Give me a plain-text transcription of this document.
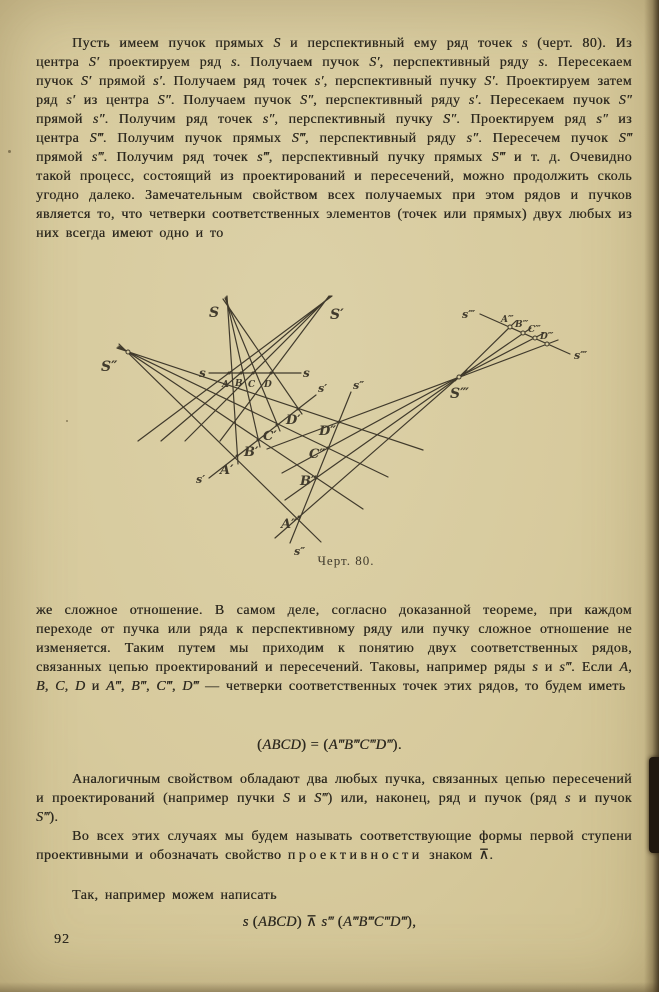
Пусть имеем пучок прямых S и перспективный ему ряд точек s (черт. 80). Из центра S′ проектируем ряд s. Получаем пучок S′, перспективный ряду s. Пересекаем пучок S′ прямой s′. Получаем ряд точек s′, перспективный пучку S′. Проектируем затем ряд s′ из центра S″. Получаем пучок S″, перспективный ряду s′. Пересекаем пучок S″ прямой s″. Получим ряд точек s″, перспективный пучку S″. Проектируем ряд s″ из центра S‴. Получим пучок прямых S‴, перспективный ряду s″. Пересечем пучок S‴ прямой s‴. Получим ряд точек s‴, перспективный пучку прямых S‴ и т. д. Очевидно такой процесс, состоящий из проектирований и пересечений, можно продолжить сколь угодно далеко. Замечательным свойством всех получаемых при этом рядов и пучков является то, что четверки соответственных элементов (точек или прямых) двух любых из них всегда имеют одно и то

S	S′
S″
S‴
s	s
A B C D
A′
B′
C′
D′
A″
B″
C″
D″
s′
s′ s″
s″
s‴
s‴
A‴ B‴ C‴
D‴
Черт. 80.

же сложное отношение. В самом деле, согласно доказанной теореме, при каждом переходе от пучка или ряда к перспективному ряду или пучку сложное отношение не изменяется. Таким путем мы приходим к понятию двух соответственных рядов, связанных цепью проектирований и пересечений. Таковы, например ряды s и s‴. Если A, B, C, D и A‴, B‴, C‴, D‴ — четверки соответственных точек этих рядов, то будем иметь

(ABCD) = (A‴B‴C‴D‴).

Аналогичным свойством обладают два любых пучка, связанных цепью пересечений и проектирований (например пучки S и S‴) или, наконец, ряд и пучок (ряд s и пучок S‴).

Во всех этих случаях мы будем называть соответствующие формы первой ступени проективными и обозначать свойство проективности знаком ⊼.

Так, например можем написать

s (ABCD) ⊼ s‴ (A‴B‴C‴D‴),
92
